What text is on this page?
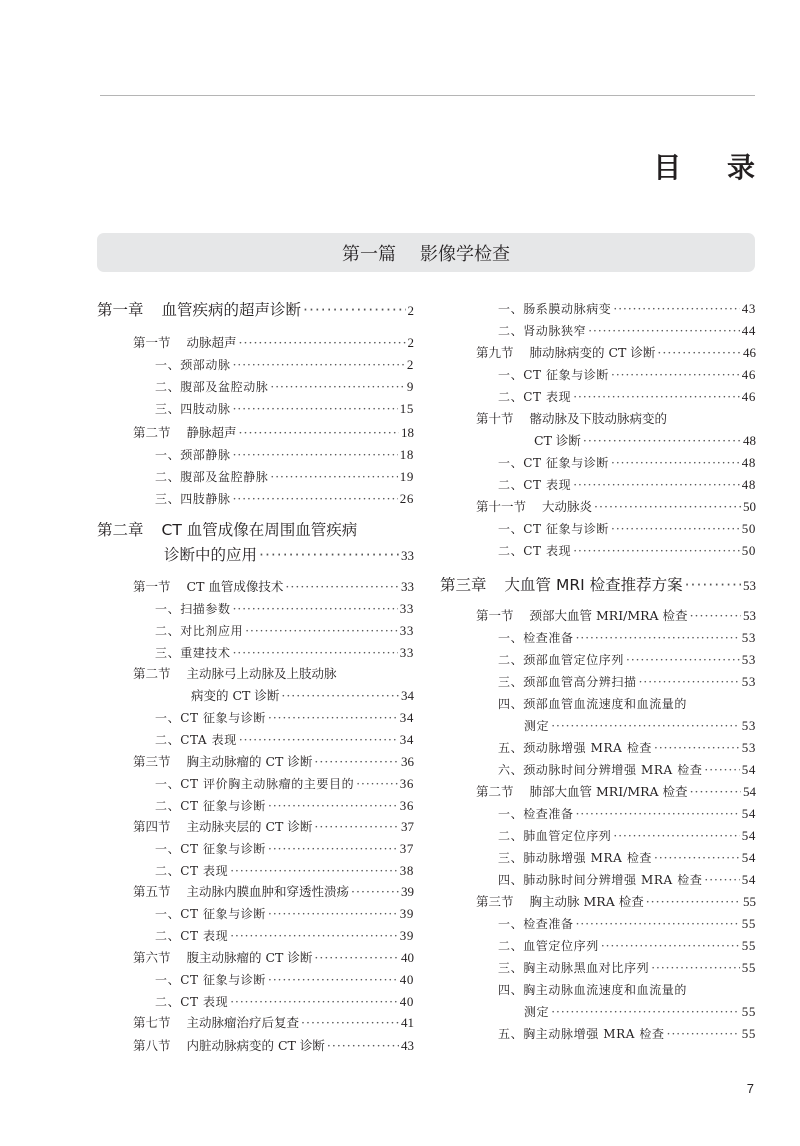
目 录
第一篇 影像学检查
第一章 血管疾病的超声诊断 ·····	2
第一节 动脉超声 ·····	2
一、颈部动脉 ·····	2
二、腹部及盆腔动脉 ·····	9
三、四肢动脉 ·····	15
第二节 静脉超声 ·····	18
一、颈部静脉 ·····	18
二、腹部及盆腔静脉 ·····	19
三、四肢静脉 ·····	26
第二章 CT 血管成像在周围血管疾病
诊断中的应用 ·····	33
第一节 CT 血管成像技术 ·····	33
一、扫描参数 ·····	33
二、对比剂应用 ·····	33
三、重建技术 ·····	33
第二节 主动脉弓上动脉及上肢动脉
病变的 CT 诊断 ·····	34
一、CT 征象与诊断 ·····	34
二、CTA 表现 ·····	34
第三节 胸主动脉瘤的 CT 诊断 ·····	36
一、CT 评价胸主动脉瘤的主要目的 ·····	36
二、CT 征象与诊断 ·····	36
第四节 主动脉夹层的 CT 诊断 ·····	37
一、CT 征象与诊断 ·····	37
二、CT 表现 ·····	38
第五节 主动脉内膜血肿和穿透性溃疡 ·····	39
一、CT 征象与诊断 ·····	39
二、CT 表现 ·····	39
第六节 腹主动脉瘤的 CT 诊断 ·····	40
一、CT 征象与诊断 ·····	40
二、CT 表现 ·····	40
第七节 主动脉瘤治疗后复查 ·····	41
第八节 内脏动脉病变的 CT 诊断 ·····	43
一、肠系膜动脉病变 ·····	43
二、肾动脉狭窄 ·····	44
第九节 肺动脉病变的 CT 诊断 ·····	46
一、CT 征象与诊断 ·····	46
二、CT 表现 ·····	46
第十节 髂动脉及下肢动脉病变的
CT 诊断 ·····	48
一、CT 征象与诊断 ·····	48
二、CT 表现 ·····	48
第十一节 大动脉炎 ·····	50
一、CT 征象与诊断 ·····	50
二、CT 表现 ·····	50
第三章 大血管 MRI 检查推荐方案 ·····	53
第一节 颈部大血管 MRI/MRA 检查 ·····	53
一、检查准备 ·····	53
二、颈部血管定位序列 ·····	53
三、颈部血管高分辨扫描 ·····	53
四、颈部血管血流速度和血流量的
测定 ·····	53
五、颈动脉增强 MRA 检查 ·····	53
六、颈动脉时间分辨增强 MRA 检查 ·····	54
第二节 肺部大血管 MRI/MRA 检查 ·····	54
一、检查准备 ·····	54
二、肺血管定位序列 ·····	54
三、肺动脉增强 MRA 检查 ·····	54
四、肺动脉时间分辨增强 MRA 检查 ·····	54
第三节 胸主动脉 MRA 检查 ·····	55
一、检查准备 ·····	55
二、血管定位序列 ·····	55
三、胸主动脉黑血对比序列 ·····	55
四、胸主动脉血流速度和血流量的
测定 ·····	55
五、胸主动脉增强 MRA 检查 ·····	55
7
